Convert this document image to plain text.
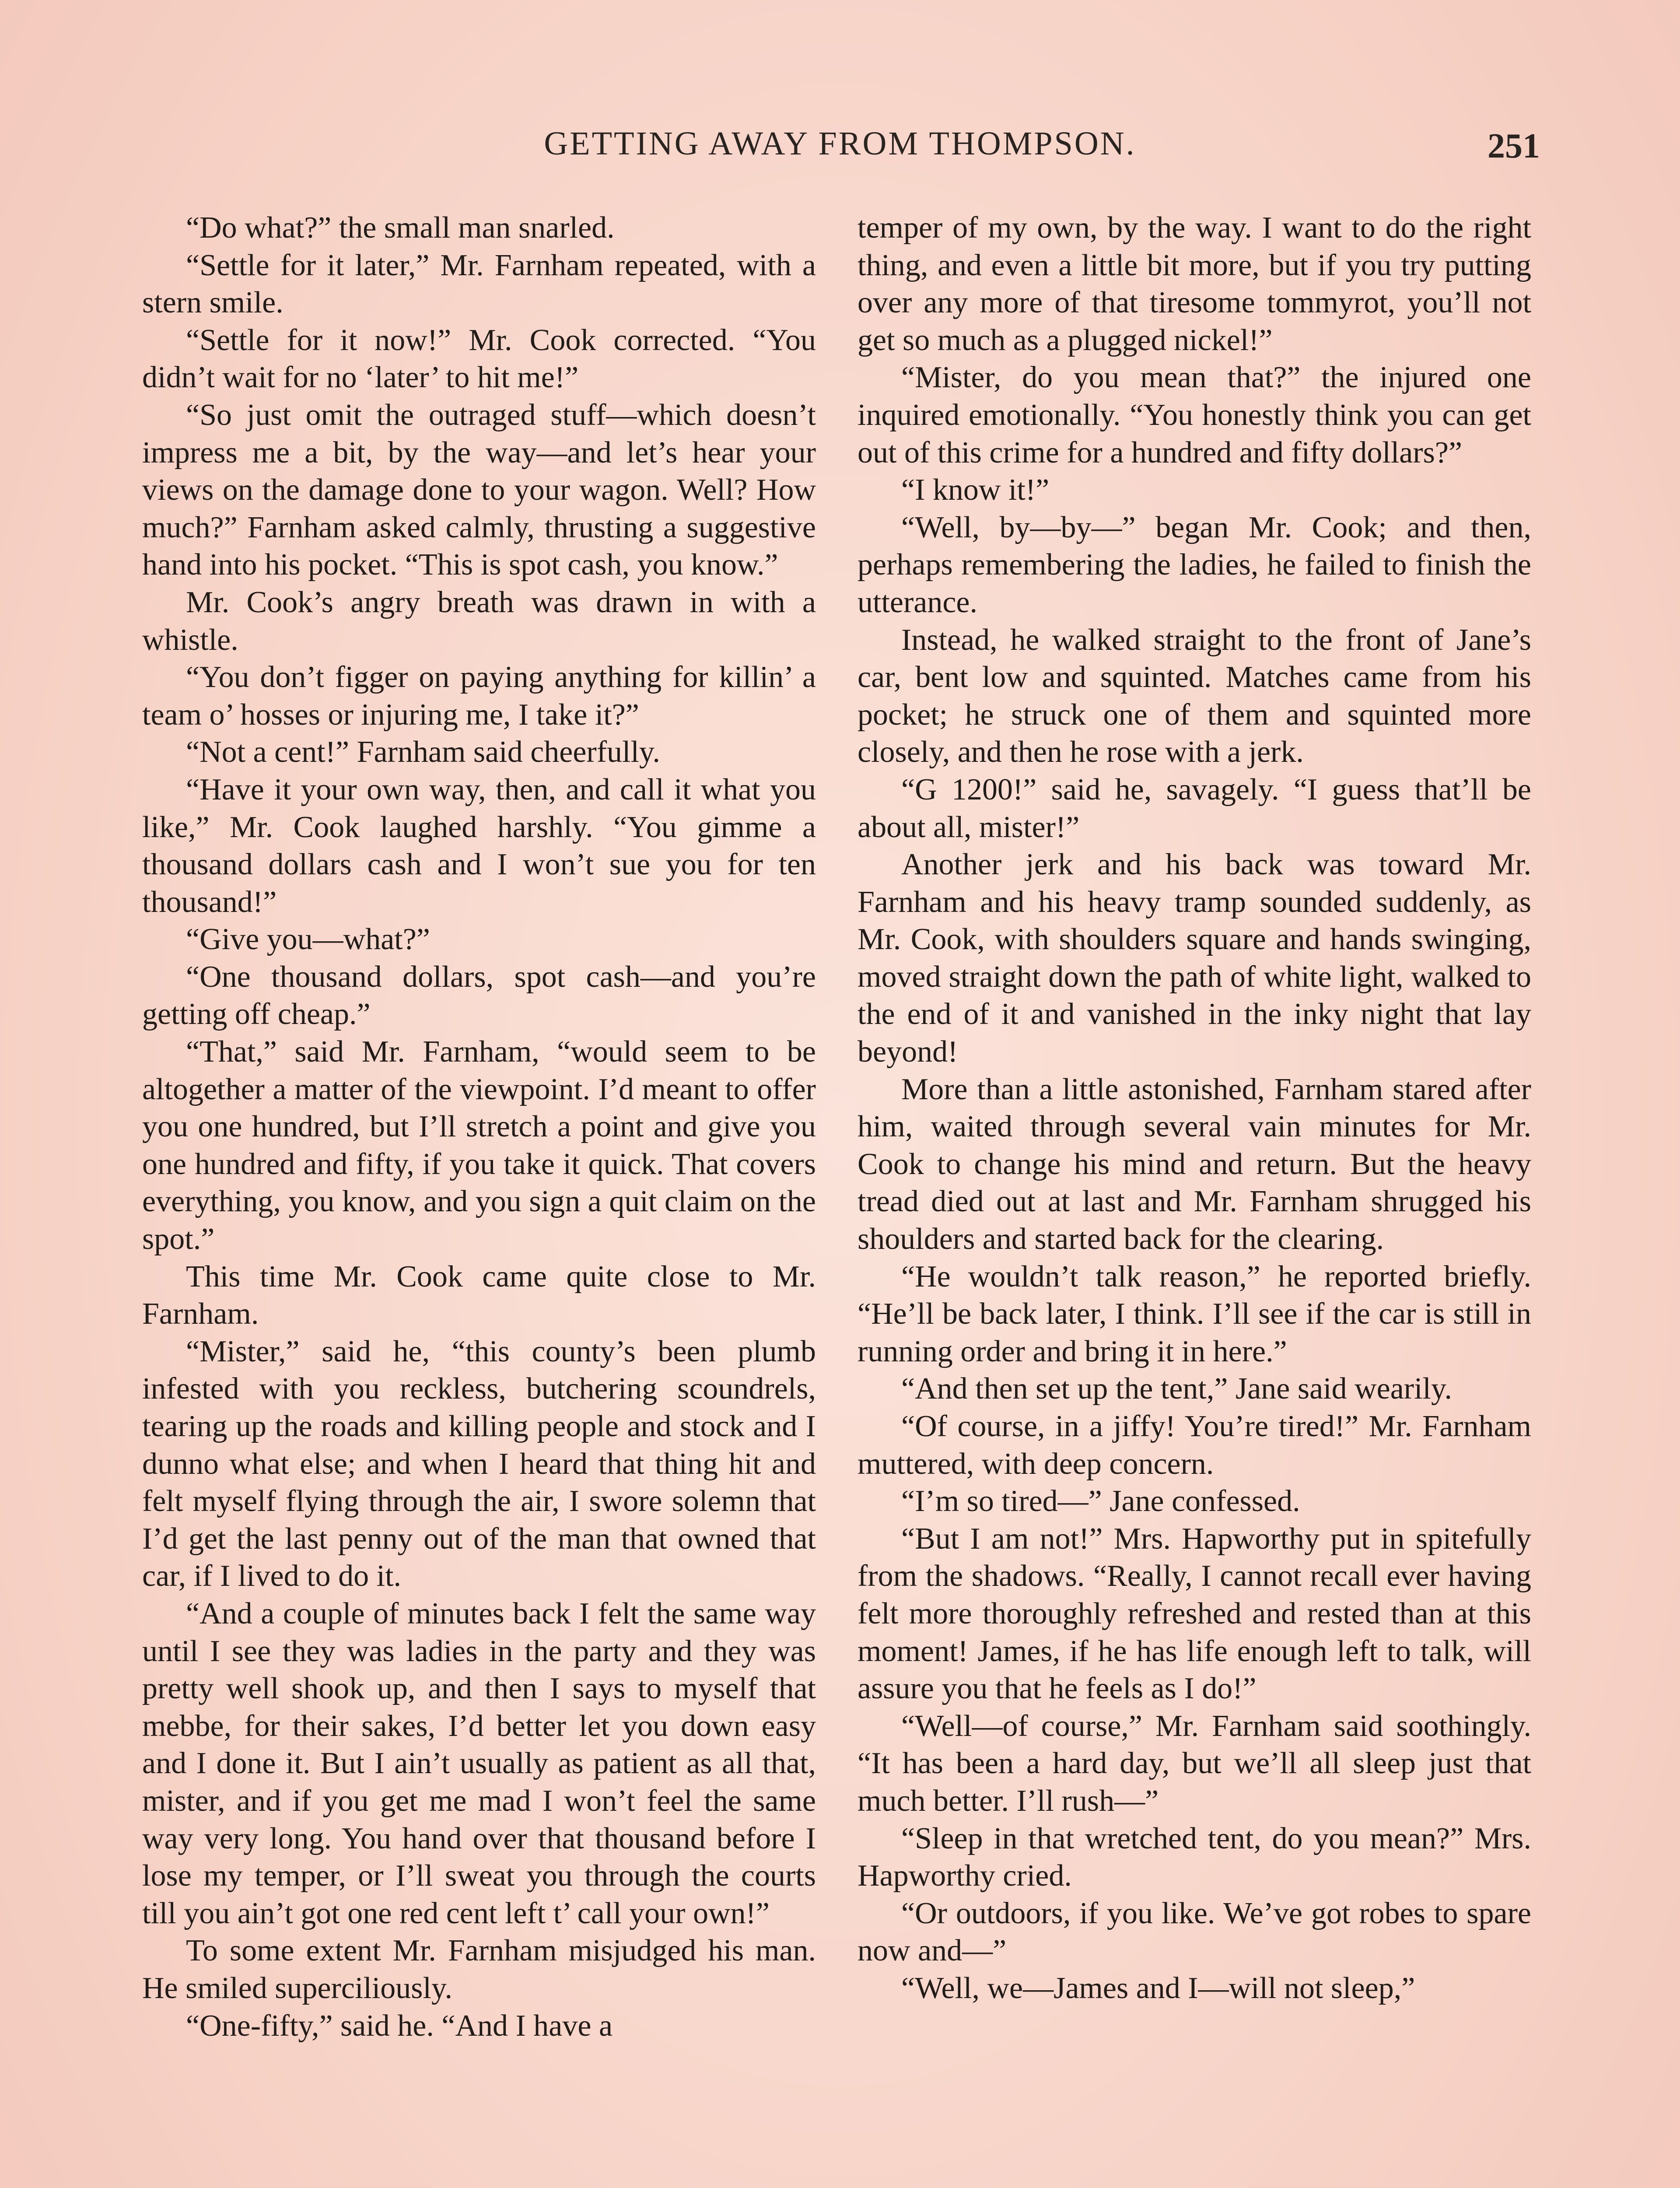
GETTING AWAY FROM THOMPSON.	251

“Do what?” the small man snarled.

“Settle for it later,” Mr. Farnham repeated, with a stern smile.

“Settle for it now!” Mr. Cook corrected. “You didn’t wait for no ‘later’ to hit me!”

“So just omit the outraged stuff—which doesn’t impress me a bit, by the way—and let’s hear your views on the damage done to your wagon. Well? How much?” Farnham asked calmly, thrusting a suggestive hand into his pocket. “This is spot cash, you know.”

Mr. Cook’s angry breath was drawn in with a whistle.

“You don’t figger on paying anything for killin’ a team o’ hosses or injuring me, I take it?”

“Not a cent!” Farnham said cheerfully.

“Have it your own way, then, and call it what you like,” Mr. Cook laughed harshly. “You gimme a thousand dollars cash and I won’t sue you for ten thousand!”

“Give you—what?”

“One thousand dollars, spot cash—and you’re getting off cheap.”

“That,” said Mr. Farnham, “would seem to be altogether a matter of the viewpoint. I’d meant to offer you one hundred, but I’ll stretch a point and give you one hundred and fifty, if you take it quick. That covers everything, you know, and you sign a quit claim on the spot.”

This time Mr. Cook came quite close to Mr. Farnham.

“Mister,” said he, “this county’s been plumb infested with you reckless, butchering scoundrels, tearing up the roads and killing people and stock and I dunno what else; and when I heard that thing hit and felt myself flying through the air, I swore solemn that I’d get the last penny out of the man that owned that car, if I lived to do it.

“And a couple of minutes back I felt the same way until I see they was ladies in the party and they was pretty well shook up, and then I says to myself that mebbe, for their sakes, I’d better let you down easy and I done it. But I ain’t usually as patient as all that, mister, and if you get me mad I won’t feel the same way very long. You hand over that thousand before I lose my temper, or I’ll sweat you through the courts till you ain’t got one red cent left t’ call your own!”

To some extent Mr. Farnham misjudged his man. He smiled superciliously.

“One-fifty,” said he. “And I have a

temper of my own, by the way. I want to do the right thing, and even a little bit more, but if you try putting over any more of that tiresome tommyrot, you’ll not get so much as a plugged nickel!”

“Mister, do you mean that?” the injured one inquired emotionally. “You honestly think you can get out of this crime for a hundred and fifty dollars?”

“I know it!”

“Well, by—by—” began Mr. Cook; and then, perhaps remembering the ladies, he failed to finish the utterance.

Instead, he walked straight to the front of Jane’s car, bent low and squinted. Matches came from his pocket; he struck one of them and squinted more closely, and then he rose with a jerk.

“G 1200!” said he, savagely. “I guess that’ll be about all, mister!”

Another jerk and his back was toward Mr. Farnham and his heavy tramp sounded suddenly, as Mr. Cook, with shoulders square and hands swinging, moved straight down the path of white light, walked to the end of it and vanished in the inky night that lay beyond!

More than a little astonished, Farnham stared after him, waited through several vain minutes for Mr. Cook to change his mind and return. But the heavy tread died out at last and Mr. Farnham shrugged his shoulders and started back for the clearing.

“He wouldn’t talk reason,” he reported briefly. “He’ll be back later, I think. I’ll see if the car is still in running order and bring it in here.”

“And then set up the tent,” Jane said wearily.

“Of course, in a jiffy! You’re tired!” Mr. Farnham muttered, with deep concern.

“I’m so tired—” Jane confessed.

“But I am not!” Mrs. Hapworthy put in spitefully from the shadows. “Really, I cannot recall ever having felt more thoroughly refreshed and rested than at this moment! James, if he has life enough left to talk, will assure you that he feels as I do!”

“Well—of course,” Mr. Farnham said soothingly. “It has been a hard day, but we’ll all sleep just that much better. I’ll rush—”

“Sleep in that wretched tent, do you mean?” Mrs. Hapworthy cried.

“Or outdoors, if you like. We’ve got robes to spare now and—”

“Well, we—James and I—will not sleep,”
